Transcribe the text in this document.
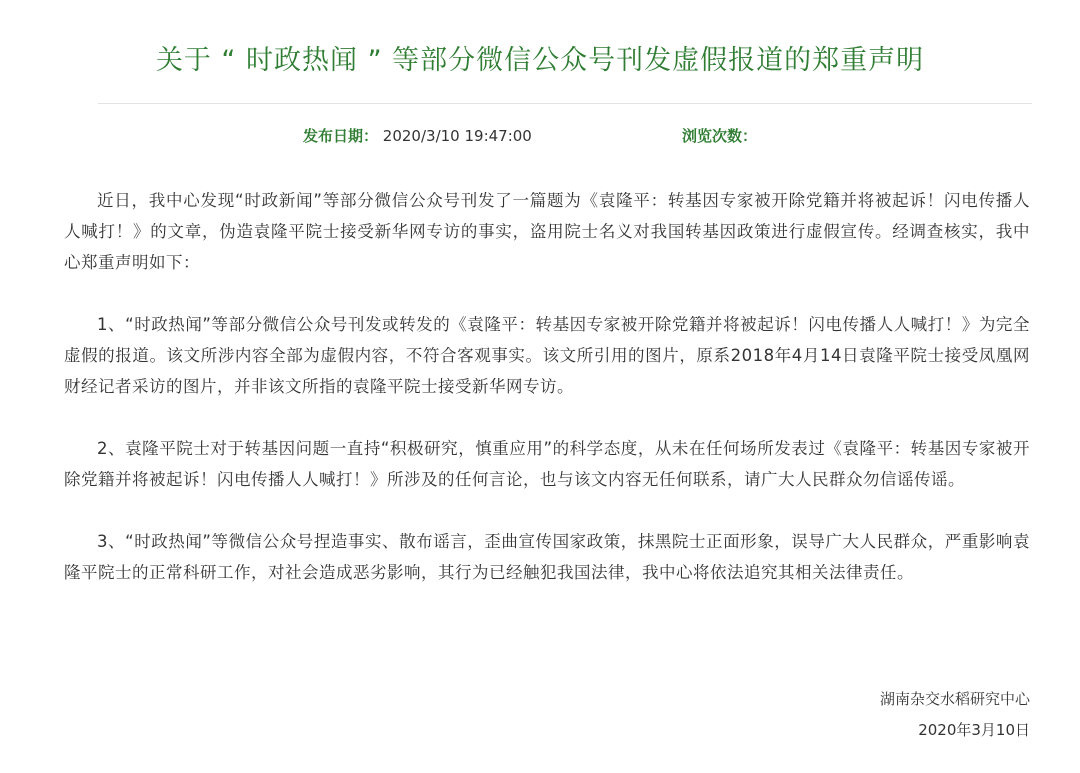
关于 “ 时政热闻 ” 等部分微信公众号刊发虚假报道的郑重声明
发布日期： 2020/3/10 19:47:00	浏览次数：

近日，我中心发现“时政新闻”等部分微信公众号刊发了一篇题为《袁隆平：转基因专家被开除党籍并将被起诉！闪电传播人人喊打！》的文章，伪造袁隆平院士接受新华网专访的事实，盗用院士名义对我国转基因政策进行虚假宣传。经调查核实，我中心郑重声明如下：

1、“时政热闻”等部分微信公众号刊发或转发的《袁隆平：转基因专家被开除党籍并将被起诉！闪电传播人人喊打！》为完全虚假的报道。该文所涉内容全部为虚假内容，不符合客观事实。该文所引用的图片，原系2018年4月14日袁隆平院士接受凤凰网财经记者采访的图片，并非该文所指的袁隆平院士接受新华网专访。

2、袁隆平院士对于转基因问题一直持“积极研究，慎重应用”的科学态度，从未在任何场所发表过《袁隆平：转基因专家被开除党籍并将被起诉！闪电传播人人喊打！》所涉及的任何言论，也与该文内容无任何联系，请广大人民群众勿信谣传谣。

3、“时政热闻”等微信公众号捏造事实、散布谣言，歪曲宣传国家政策，抹黑院士正面形象，误导广大人民群众，严重影响袁隆平院士的正常科研工作，对社会造成恶劣影响，其行为已经触犯我国法律，我中心将依法追究其相关法律责任。

湖南杂交水稻研究中心
2020年3月10日
